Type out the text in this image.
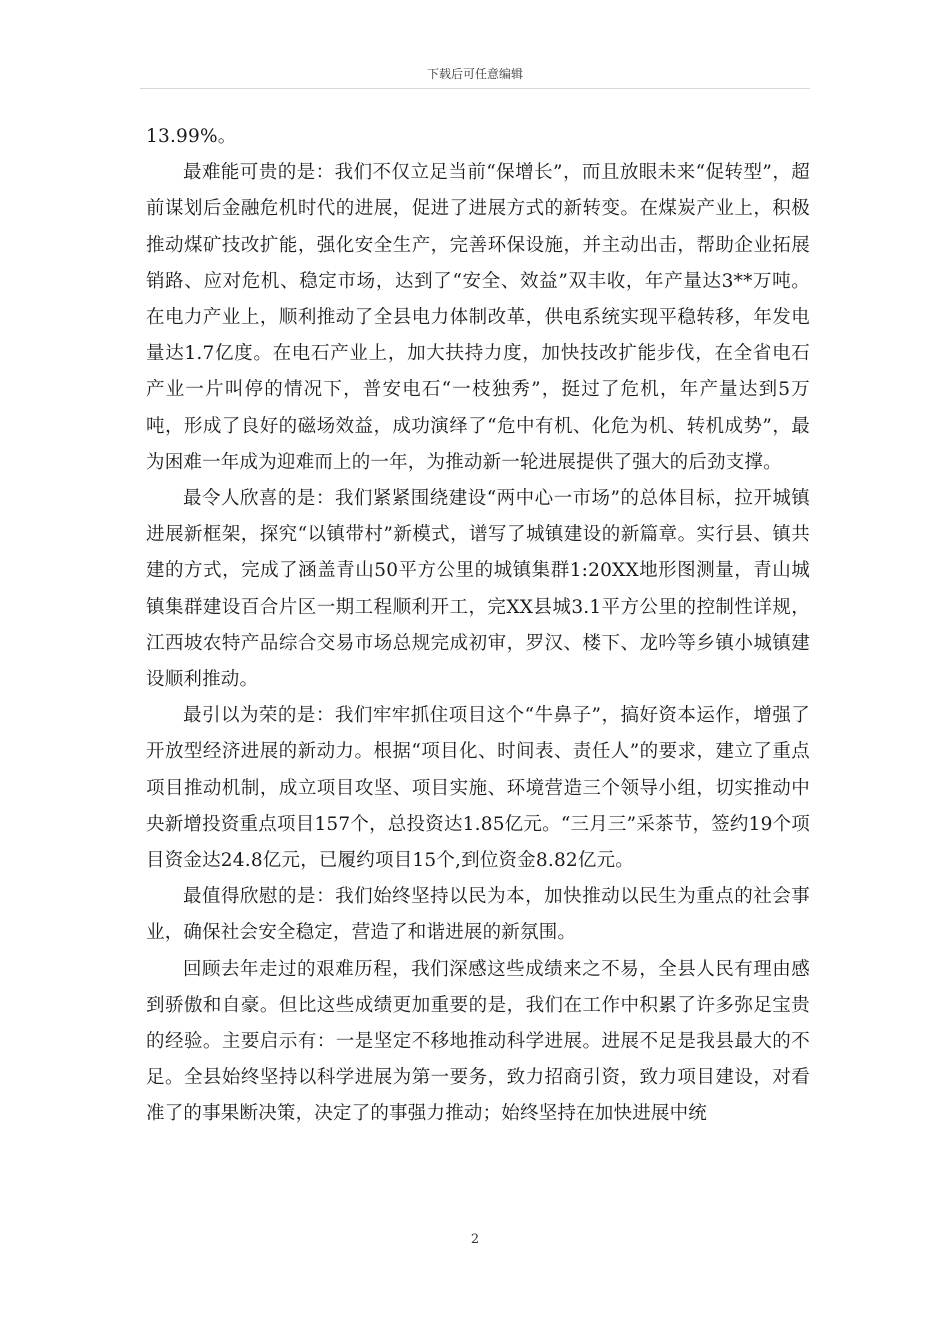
下载后可任意编辑

13.99%。

最难能可贵的是：我们不仅立足当前“保增长”，而且放眼未来“促转型”，超前谋划后金融危机时代的进展，促进了进展方式的新转变。在煤炭产业上，积极推动煤矿技改扩能，强化安全生产，完善环保设施，并主动出击，帮助企业拓展销路、应对危机、稳定市场，达到了“安全、效益”双丰收，年产量达3**万吨。在电力产业上，顺利推动了全县电力体制改革，供电系统实现平稳转移，年发电量达1.7亿度。在电石产业上，加大扶持力度，加快技改扩能步伐，在全省电石产业一片叫停的情况下，普安电石“一枝独秀”，挺过了危机，年产量达到5万吨，形成了良好的磁场效益，成功演绎了“危中有机、化危为机、转机成势”，最为困难一年成为迎难而上的一年，为推动新一轮进展提供了强大的后劲支撑。

最令人欣喜的是：我们紧紧围绕建设“两中心一市场”的总体目标，拉开城镇进展新框架，探究“以镇带村”新模式，谱写了城镇建设的新篇章。实行县、镇共建的方式，完成了涵盖青山50平方公里的城镇集群1:20XX地形图测量，青山城镇集群建设百合片区一期工程顺利开工，完XX县城3.1平方公里的控制性详规，江西坡农特产品综合交易市场总规完成初审，罗汉、楼下、龙吟等乡镇小城镇建设顺利推动。

最引以为荣的是：我们牢牢抓住项目这个“牛鼻子”，搞好资本运作，增强了开放型经济进展的新动力。根据“项目化、时间表、责任人”的要求，建立了重点项目推动机制，成立项目攻坚、项目实施、环境营造三个领导小组，切实推动中央新增投资重点项目157个，总投资达1.85亿元。“三月三”采茶节，签约19个项目资金达24.8亿元，已履约项目15个,到位资金8.82亿元。

最值得欣慰的是：我们始终坚持以民为本，加快推动以民生为重点的社会事业，确保社会安全稳定，营造了和谐进展的新氛围。

回顾去年走过的艰难历程，我们深感这些成绩来之不易，全县人民有理由感到骄傲和自豪。但比这些成绩更加重要的是，我们在工作中积累了许多弥足宝贵的经验。主要启示有：一是坚定不移地推动科学进展。进展不足是我县最大的不足。全县始终坚持以科学进展为第一要务，致力招商引资，致力项目建设，对看准了的事果断决策，决定了的事强力推动；始终坚持在加快进展中统

2
